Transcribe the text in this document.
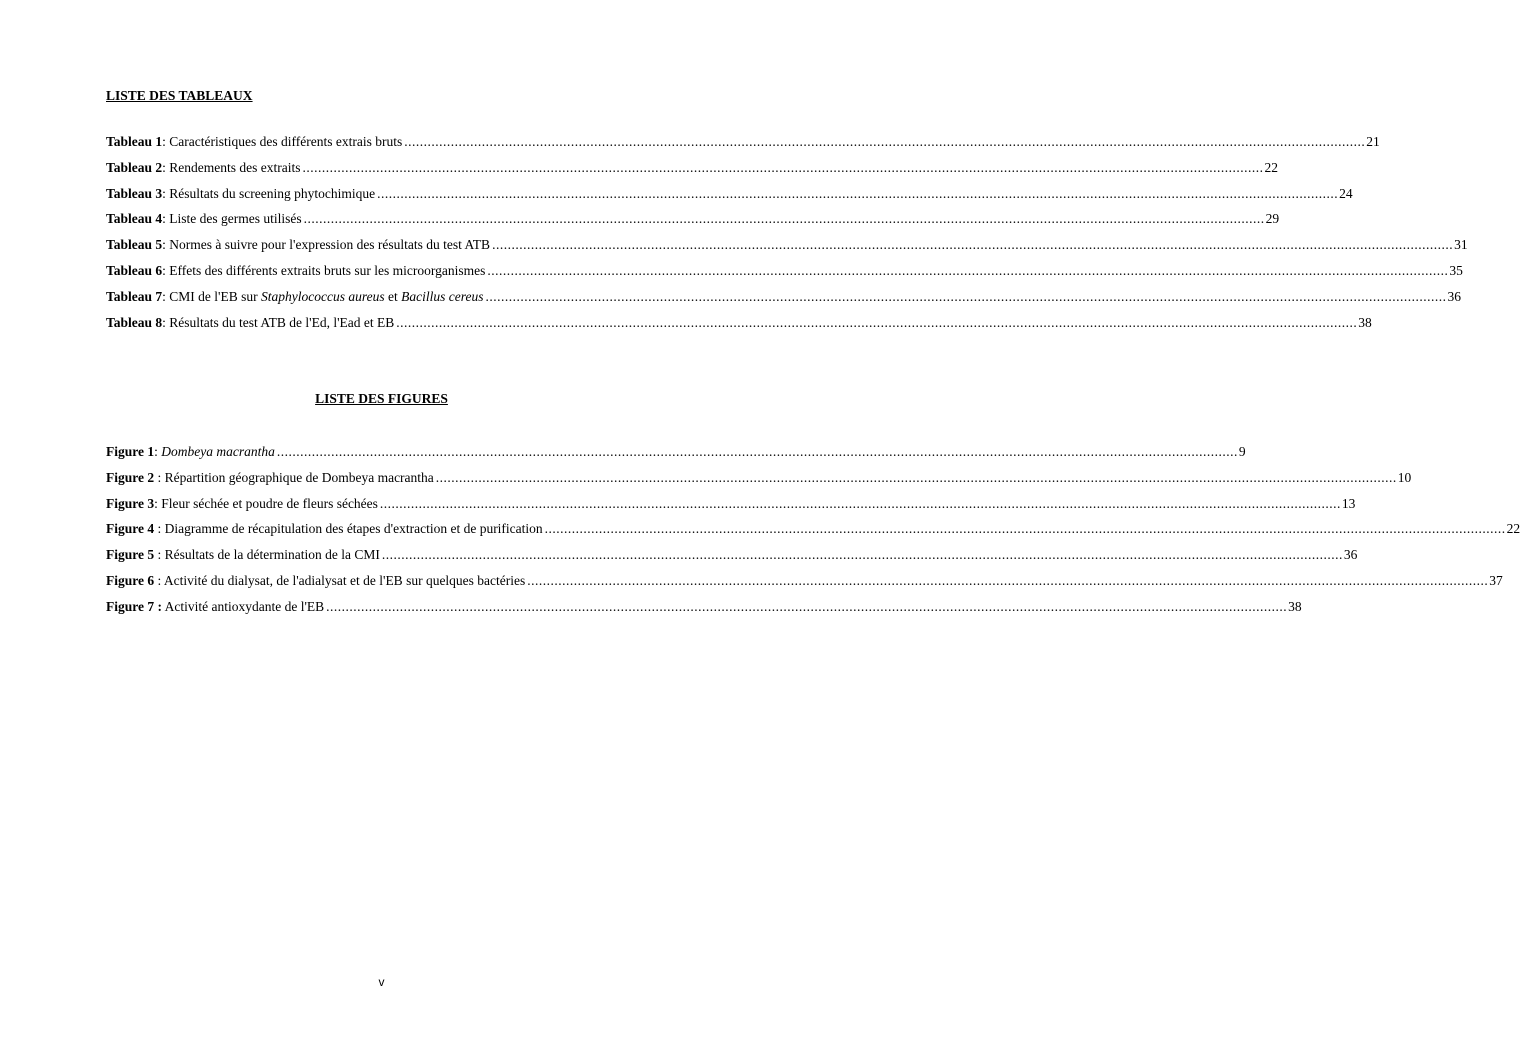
LISTE DES TABLEAUX
Tableau 1: Caractéristiques des différents extrais bruts .....	21
Tableau 2: Rendements des extraits .....	22
Tableau 3: Résultats du screening phytochimique .....	24
Tableau 4: Liste des germes utilisés .....	29
Tableau 5: Normes à suivre pour l'expression des résultats du test ATB .....	31
Tableau 6: Effets des différents extraits bruts sur les microorganismes .....	35
Tableau 7: CMI de l'EB sur Staphylococcus aureus et Bacillus cereus .....	36
Tableau 8: Résultats du test ATB de l'Ed, l'Ead et EB .....	38
LISTE DES FIGURES
Figure 1: Dombeya macrantha .....	9
Figure 2 : Répartition géographique de Dombeya macrantha .....	10
Figure 3: Fleur séchée et poudre de fleurs séchées .....	13
Figure 4 : Diagramme de récapitulation des étapes d'extraction et de purification .....	22
Figure 5 : Résultats de la détermination de la CMI .....	36
Figure 6 : Activité du dialysat, de l'adialysat et de l'EB sur quelques bactéries .....	37
Figure 7 : Activité antioxydante de l'EB .....	38
v
